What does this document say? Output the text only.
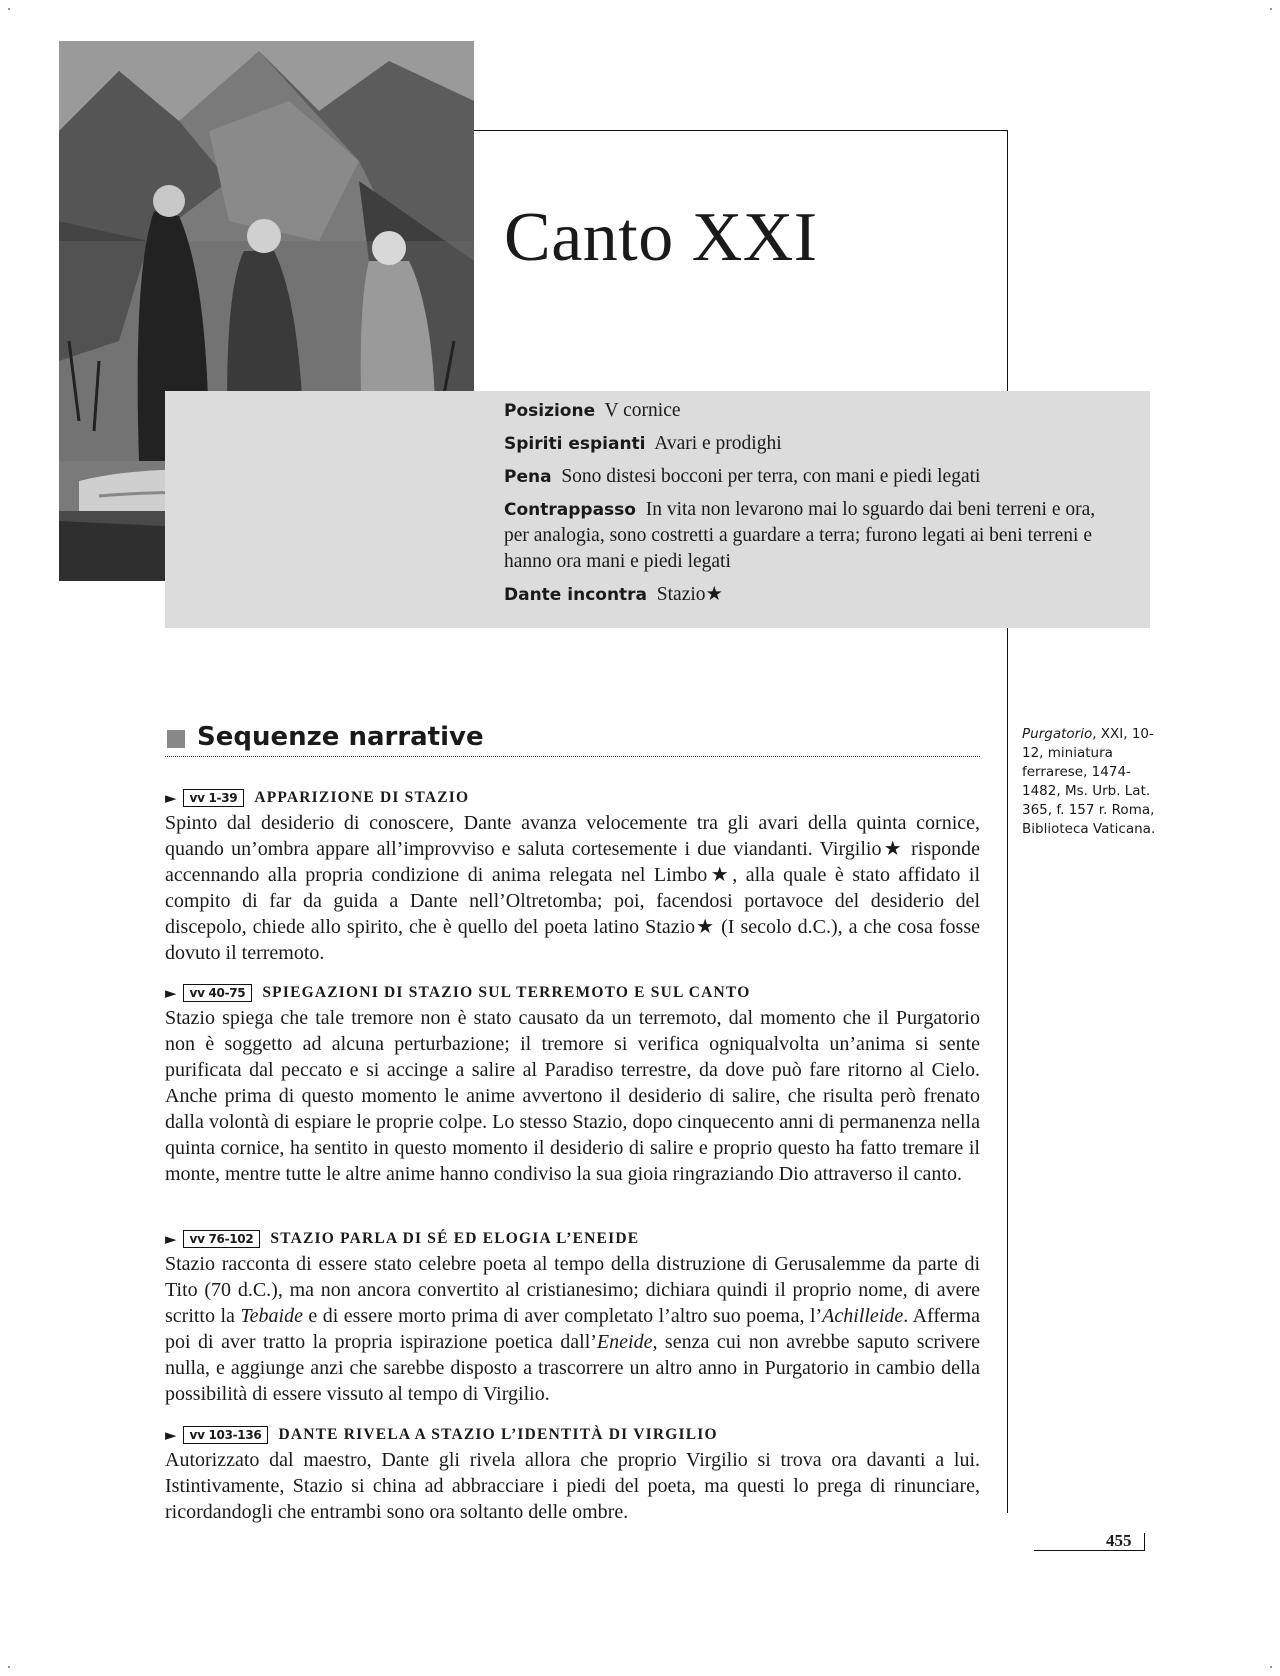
Canto XXI

Posizione V cornice

Spiriti espianti Avari e prodighi

Pena Sono distesi bocconi per terra, con mani e piedi legati

Contrappasso In vita non levarono mai lo sguardo dai beni terreni e ora, per analogia, sono costretti a guardare a terra; furono legati ai beni terreni e hanno ora mani e piedi legati

Dante incontra Stazio★

Purgatorio, XXI, 10-12, miniatura ferrarese, 1474-1482, Ms. Urb. Lat. 365, f. 157 r. Roma, Biblioteca Vaticana.
Sequenze narrative
►	vv 1-39	APPARIZIONE DI STAZIO

Spinto dal desiderio di conoscere, Dante avanza velocemente tra gli avari della quinta cornice, quando un’ombra appare all’improvviso e saluta cortesemente i due viandanti. Virgilio★ risponde accennando alla propria condizione di anima relegata nel Limbo★, alla quale è stato affidato il compito di far da guida a Dante nell’Oltretomba; poi, facendosi portavoce del desiderio del discepolo, chiede allo spirito, che è quello del poeta latino Stazio★ (I secolo d.C.), a che cosa fosse dovuto il terremoto.

►	vv 40-75	SPIEGAZIONI DI STAZIO SUL TERREMOTO E SUL CANTO

Stazio spiega che tale tremore non è stato causato da un terremoto, dal momento che il Purgatorio non è soggetto ad alcuna perturbazione; il tremore si verifica ogniqualvolta un’anima si sente purificata dal peccato e si accinge a salire al Paradiso terrestre, da dove può fare ritorno al Cielo. Anche prima di questo momento le anime avvertono il desiderio di salire, che risulta però frenato dalla volontà di espiare le proprie colpe. Lo stesso Stazio, dopo cinquecento anni di permanenza nella quinta cornice, ha sentito in questo momento il desiderio di salire e proprio questo ha fatto tremare il monte, mentre tutte le altre anime hanno condiviso la sua gioia ringraziando Dio attraverso il canto.

►	vv 76-102	STAZIO PARLA DI SÉ ED ELOGIA L’ENEIDE

Stazio racconta di essere stato celebre poeta al tempo della distruzione di Gerusalemme da parte di Tito (70 d.C.), ma non ancora convertito al cristianesimo; dichiara quindi il proprio nome, di avere scritto la Tebaide e di essere morto prima di aver completato l’altro suo poema, l’Achilleide. Afferma poi di aver tratto la propria ispirazione poetica dall’Eneide, senza cui non avrebbe saputo scrivere nulla, e aggiunge anzi che sarebbe disposto a trascorrere un altro anno in Purgatorio in cambio della possibilità di essere vissuto al tempo di Virgilio.

►	vv 103-136	DANTE RIVELA A STAZIO L’IDENTITÀ DI VIRGILIO

Autorizzato dal maestro, Dante gli rivela allora che proprio Virgilio si trova ora davanti a lui. Istintivamente, Stazio si china ad abbracciare i piedi del poeta, ma questi lo prega di rinunciare, ricordandogli che entrambi sono ora soltanto delle ombre.

455
